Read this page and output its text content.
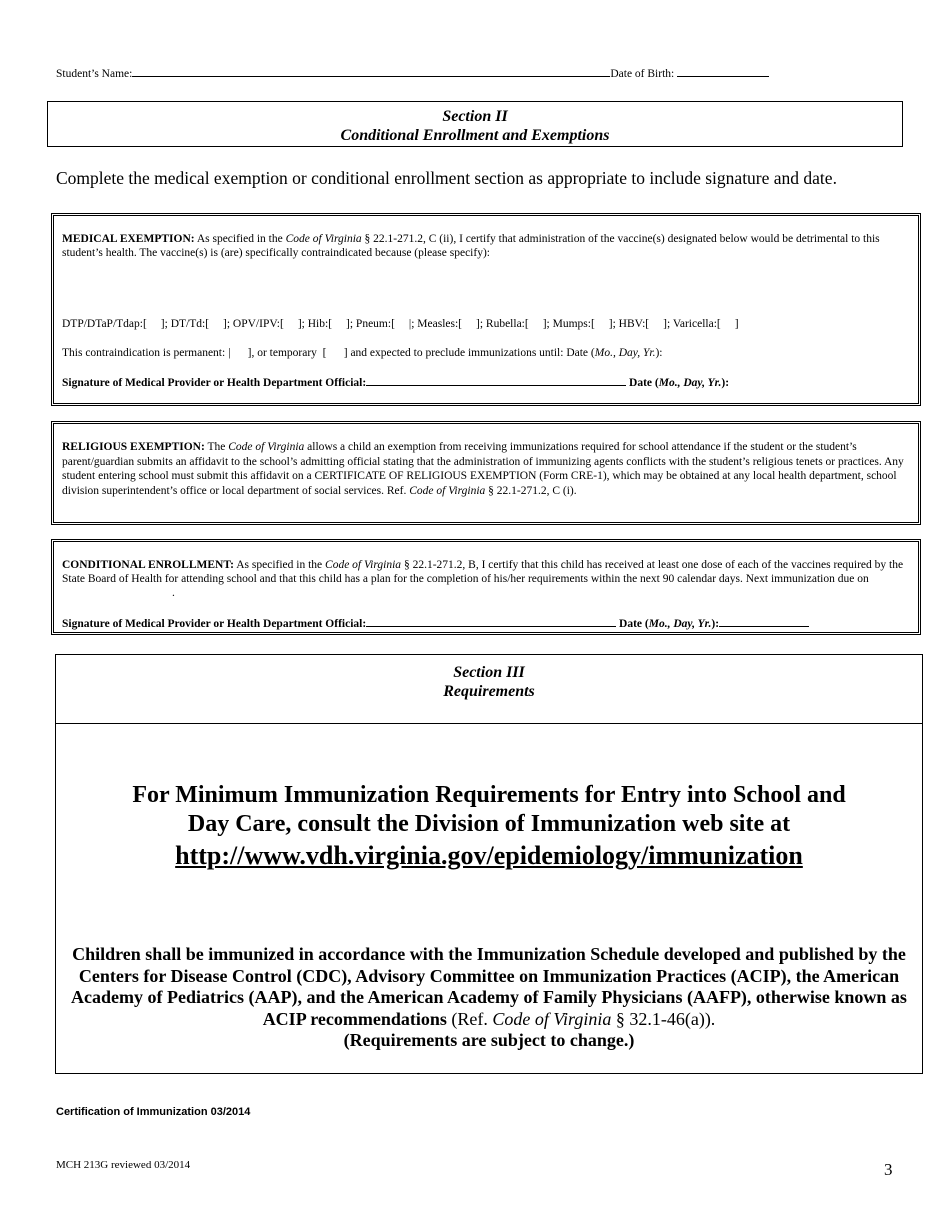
Student’s Name:	Date of Birth:
Section II
Conditional Enrollment and Exemptions
Complete the medical exemption or conditional enrollment section as appropriate to include signature and date.
MEDICAL EXEMPTION: As specified in the Code of Virginia § 22.1-271.2, C (ii), I certify that administration of the vaccine(s) designated below would be detrimental to this student’s health. The vaccine(s) is (are) specifically contraindicated because (please specify):
DTP/DTaP/Tdap:[ ]; DT/Td:[ ]; OPV/IPV:[ ]; Hib:[ ]; Pneum:[ |; Measles:[ ]; Rubella:[ ]; Mumps:[ ]; HBV:[ ]; Varicella:[ ]
This contraindication is permanent: |      ], or temporary  [      ] and expected to preclude immunizations until: Date (Mo., Day, Yr.):
Signature of Medical Provider or Health Department Official:	Date (Mo., Day, Yr.):
RELIGIOUS EXEMPTION: The Code of Virginia allows a child an exemption from receiving immunizations required for school attendance if the student or the student’s parent/guardian submits an affidavit to the school’s admitting official stating that the administration of immunizing agents conflicts with the student’s religious tenets or practices. Any student entering school must submit this affidavit on a CERTIFICATE OF RELIGIOUS EXEMPTION (Form CRE-1), which may be obtained at any local health department, school division superintendent’s office or local department of social services. Ref. Code of Virginia § 22.1-271.2, C (i).
CONDITIONAL ENROLLMENT: As specified in the Code of Virginia § 22.1-271.2, B, I certify that this child has received at least one dose of each of the vaccines required by the State Board of Health for attending school and that this child has a plan for the completion of his/her requirements within the next 90 calendar days. Next immunization due on.
Signature of Medical Provider or Health Department Official:	Date (Mo., Day, Yr.):
Section III
Requirements
For Minimum Immunization Requirements for Entry into School and
Day Care, consult the Division of Immunization web site at
http://www.vdh.virginia.gov/epidemiology/immunization
Children shall be immunized in accordance with the Immunization Schedule developed and published by the Centers for Disease Control (CDC), Advisory Committee on Immunization Practices (ACIP), the American Academy of Pediatrics (AAP), and the American Academy of Family Physicians (AAFP), otherwise known as ACIP recommendations (Ref. Code of Virginia § 32.1-46(a)).
(Requirements are subject to change.)
Certification of Immunization 03/2014
MCH 213G reviewed 03/2014	3
